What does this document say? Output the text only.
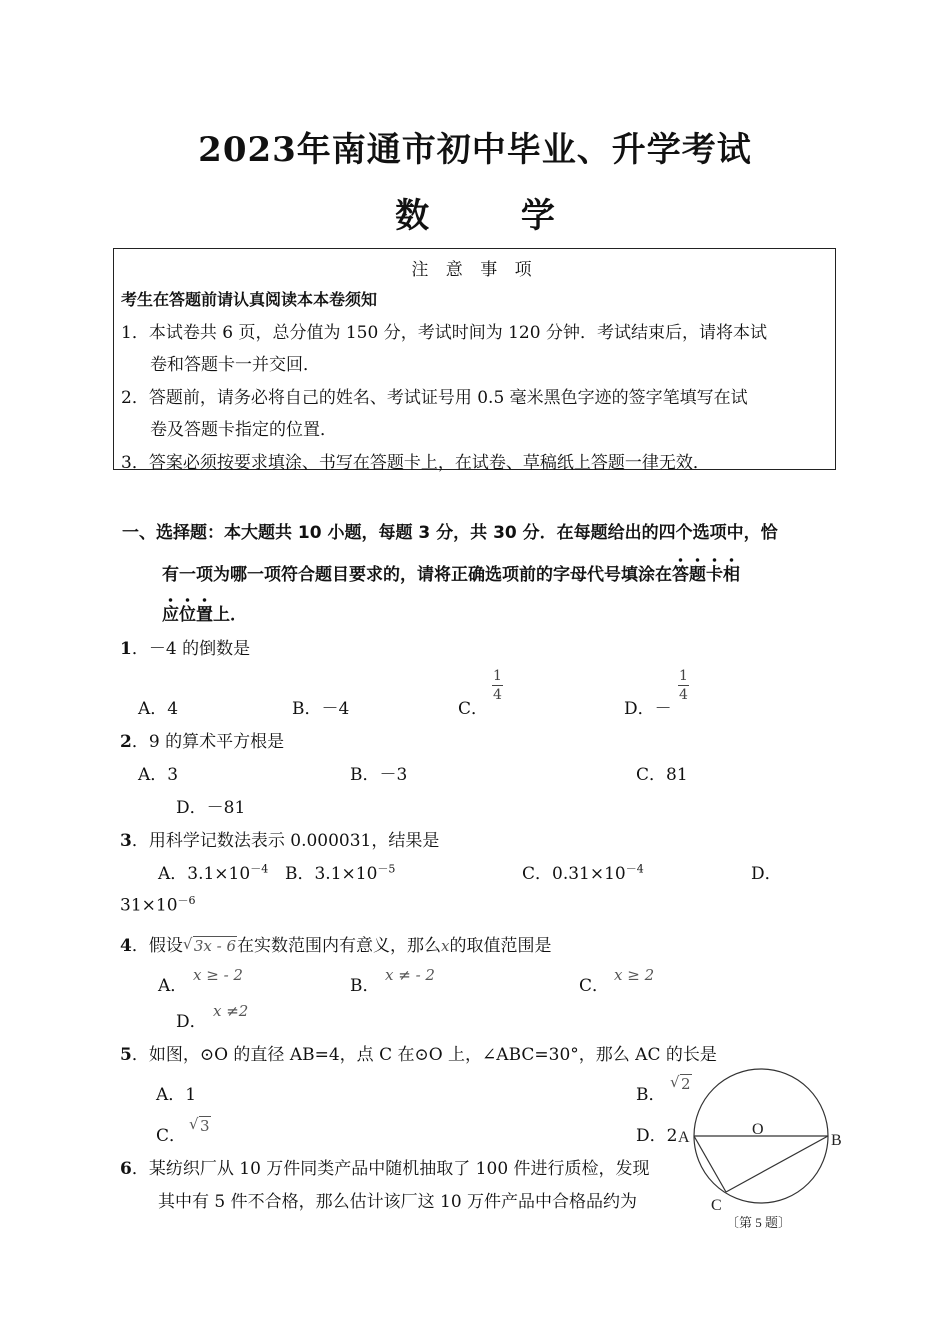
2023年南通市初中毕业、升学考试
数 学
注 意 事 项
考生在答题前请认真阅读本本卷须知
1．本试卷共 6 页，总分值为 150 分，考试时间为 120 分钟．考试结束后，请将本试
卷和答题卡一并交回．
2．答题前，请务必将自己的姓名、考试证号用 0.5 毫米黑色字迹的签字笔填写在试
卷及答题卡指定的位置．
3．答案必须按要求填涂、书写在答题卡上，在试卷、草稿纸上答题一律无效．
一、选择题：本大题共 10 小题，每题 3 分，共 30 分．在每题给出的四个选项中，恰
有一项为哪一项符合题目要求的，请将正确选项前的字母代号填涂在答题卡相
应位置上．
1．－4 的倒数是
A．4	B．－4	C．
$\frac{1}{4}$
D．－
$\frac{1}{4}$
2．9 的算术平方根是
A．3	B．－3	C．81
D．－81
3．用科学记数法表示 0.000031，结果是
A．$3.1\times 10^{-4}$ B．$3.1\times 10^{-5}$	C．$0.31\times 10^{-4}$	D．
$31\times 10^{-6}$
4．假设 √ 3x - 6在实数范围内有意义，那么x的取值范围是
A．
x ≥ - 2
B．
x ≠ - 2
C．
x ≥ 2
D．
x ≠2
5．如图，⊙O 的直径 AB=4，点 C 在⊙O 上，∠ABC=30°，那么 AC 的长是
A．1	B．
√ 2
C． √ 3	D．2
6．某纺织厂从 10 万件同类产品中随机抽取了 100 件进行质检，发现
其中有 5 件不合格，那么估计该厂这 10 万件产品中合格品约为
A	B
C
O
〔第 5 题〕
